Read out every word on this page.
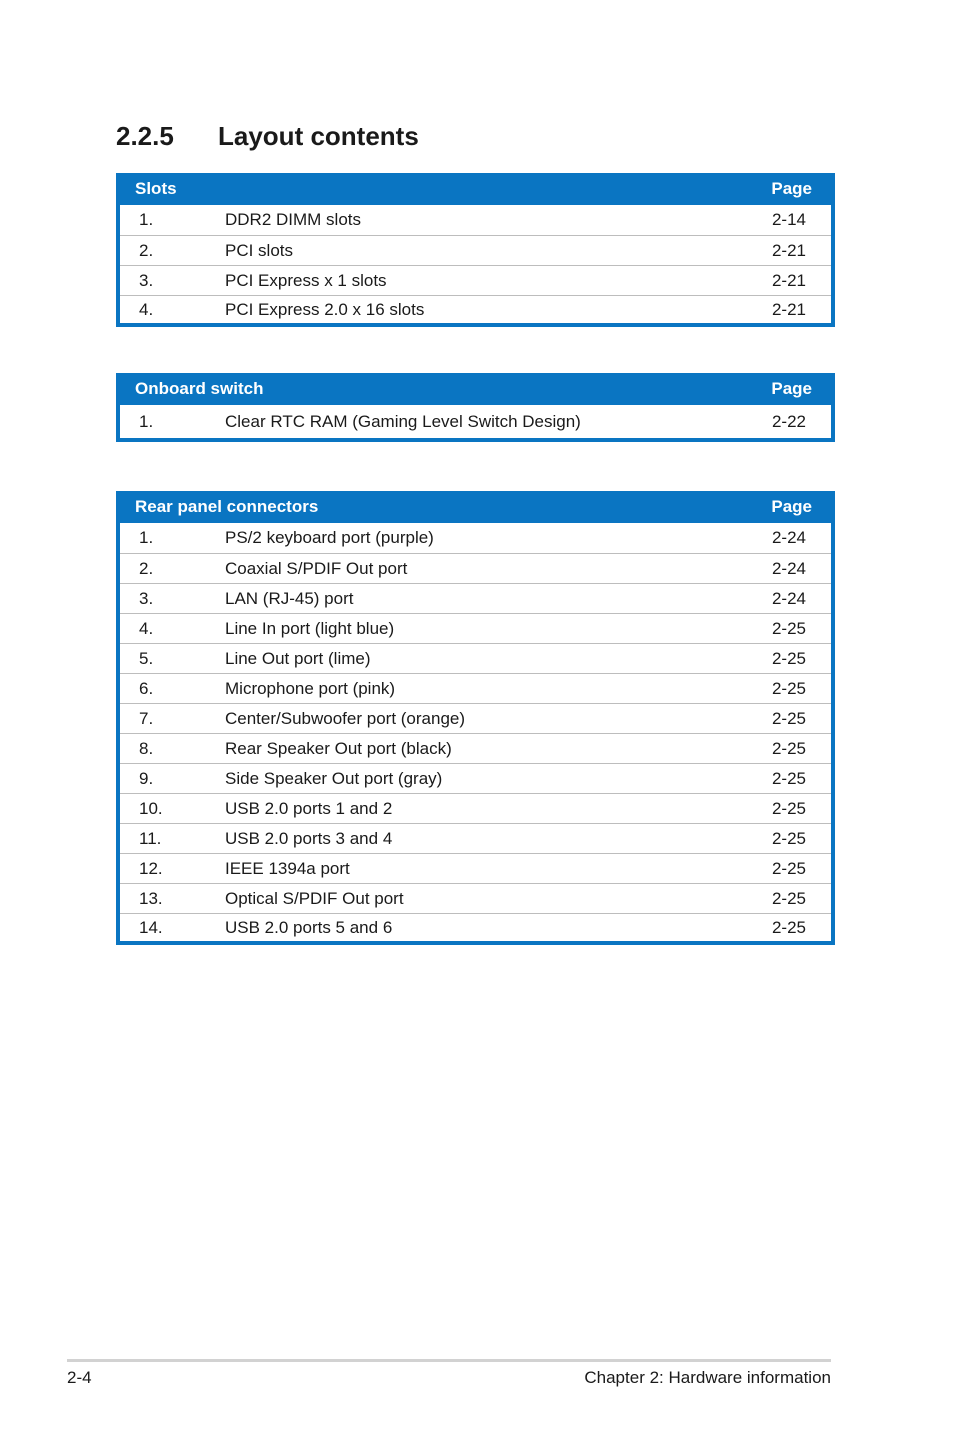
2.2.5	Layout contents
Slots	Page
1.	DDR2 DIMM slots	2-14
2.	PCI slots	2-21
3.	PCI Express x 1 slots	2-21
4.	PCI Express 2.0 x 16 slots	2-21
Onboard switch	Page
1.	Clear RTC RAM (Gaming Level Switch Design)	2-22
Rear panel connectors	Page
1.	PS/2 keyboard port (purple)	2-24
2.	Coaxial S/PDIF Out port	2-24
3.	LAN (RJ-45) port	2-24
4.	Line In port (light blue)	2-25
5.	Line Out port (lime)	2-25
6.	Microphone port (pink)	2-25
7.	Center/Subwoofer port (orange)	2-25
8.	Rear Speaker Out port (black)	2-25
9.	Side Speaker Out port (gray)	2-25
10.	USB 2.0 ports 1 and 2	2-25
11.	USB 2.0 ports 3 and 4	2-25
12.	IEEE 1394a port	2-25
13.	Optical S/PDIF Out port	2-25
14.	USB 2.0 ports 5 and 6	2-25
2-4	Chapter 2: Hardware information
